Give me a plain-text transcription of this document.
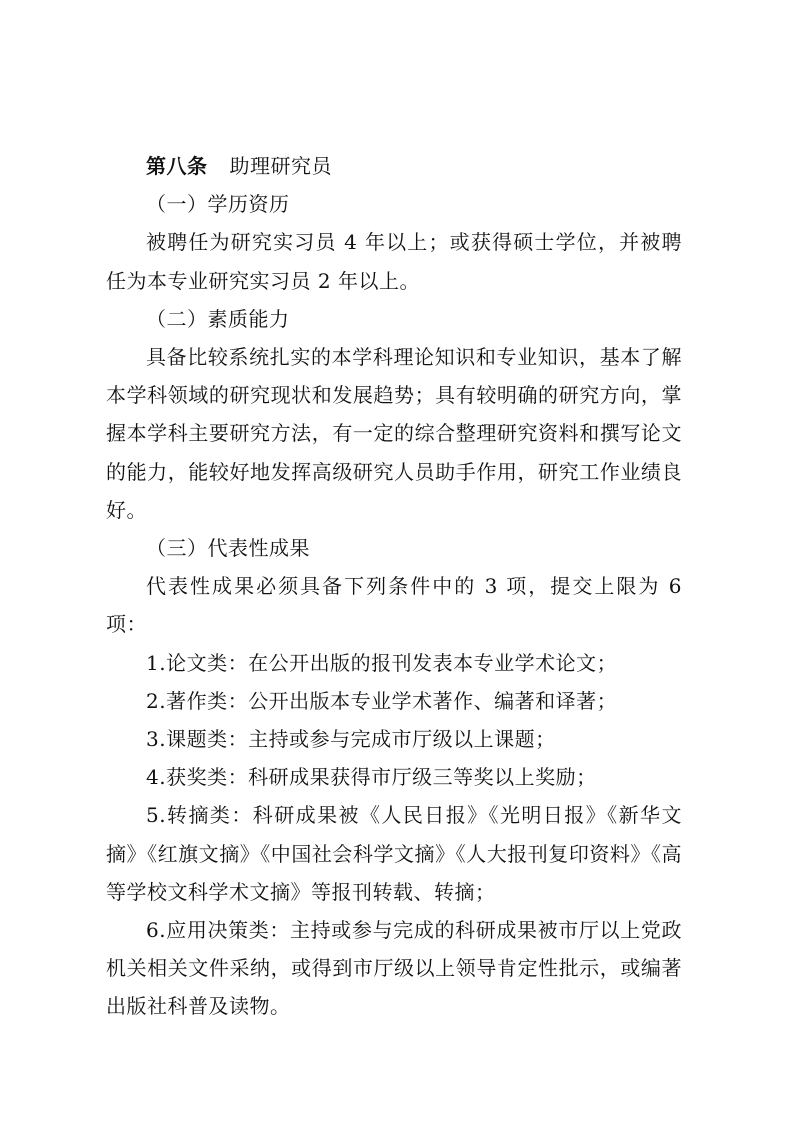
第八条 助理研究员

（一）学历资历

被聘任为研究实习员 4 年以上；或获得硕士学位，并被聘任为本专业研究实习员 2 年以上。

（二）素质能力

具备比较系统扎实的本学科理论知识和专业知识，基本了解本学科领域的研究现状和发展趋势；具有较明确的研究方向，掌握本学科主要研究方法，有一定的综合整理研究资料和撰写论文的能力，能较好地发挥高级研究人员助手作用，研究工作业绩良好。

（三）代表性成果

代表性成果必须具备下列条件中的 3 项，提交上限为 6 项：

1.论文类：在公开出版的报刊发表本专业学术论文；

2.著作类：公开出版本专业学术著作、编著和译著；

3.课题类：主持或参与完成市厅级以上课题；

4.获奖类：科研成果获得市厅级三等奖以上奖励；

5.转摘类：科研成果被《人民日报》《光明日报》《新华文摘》《红旗文摘》《中国社会科学文摘》《人大报刊复印资料》《高等学校文科学术文摘》等报刊转载、转摘；

6.应用决策类：主持或参与完成的科研成果被市厅以上党政机关相关文件采纳，或得到市厅级以上领导肯定性批示，或编著出版社科普及读物。
